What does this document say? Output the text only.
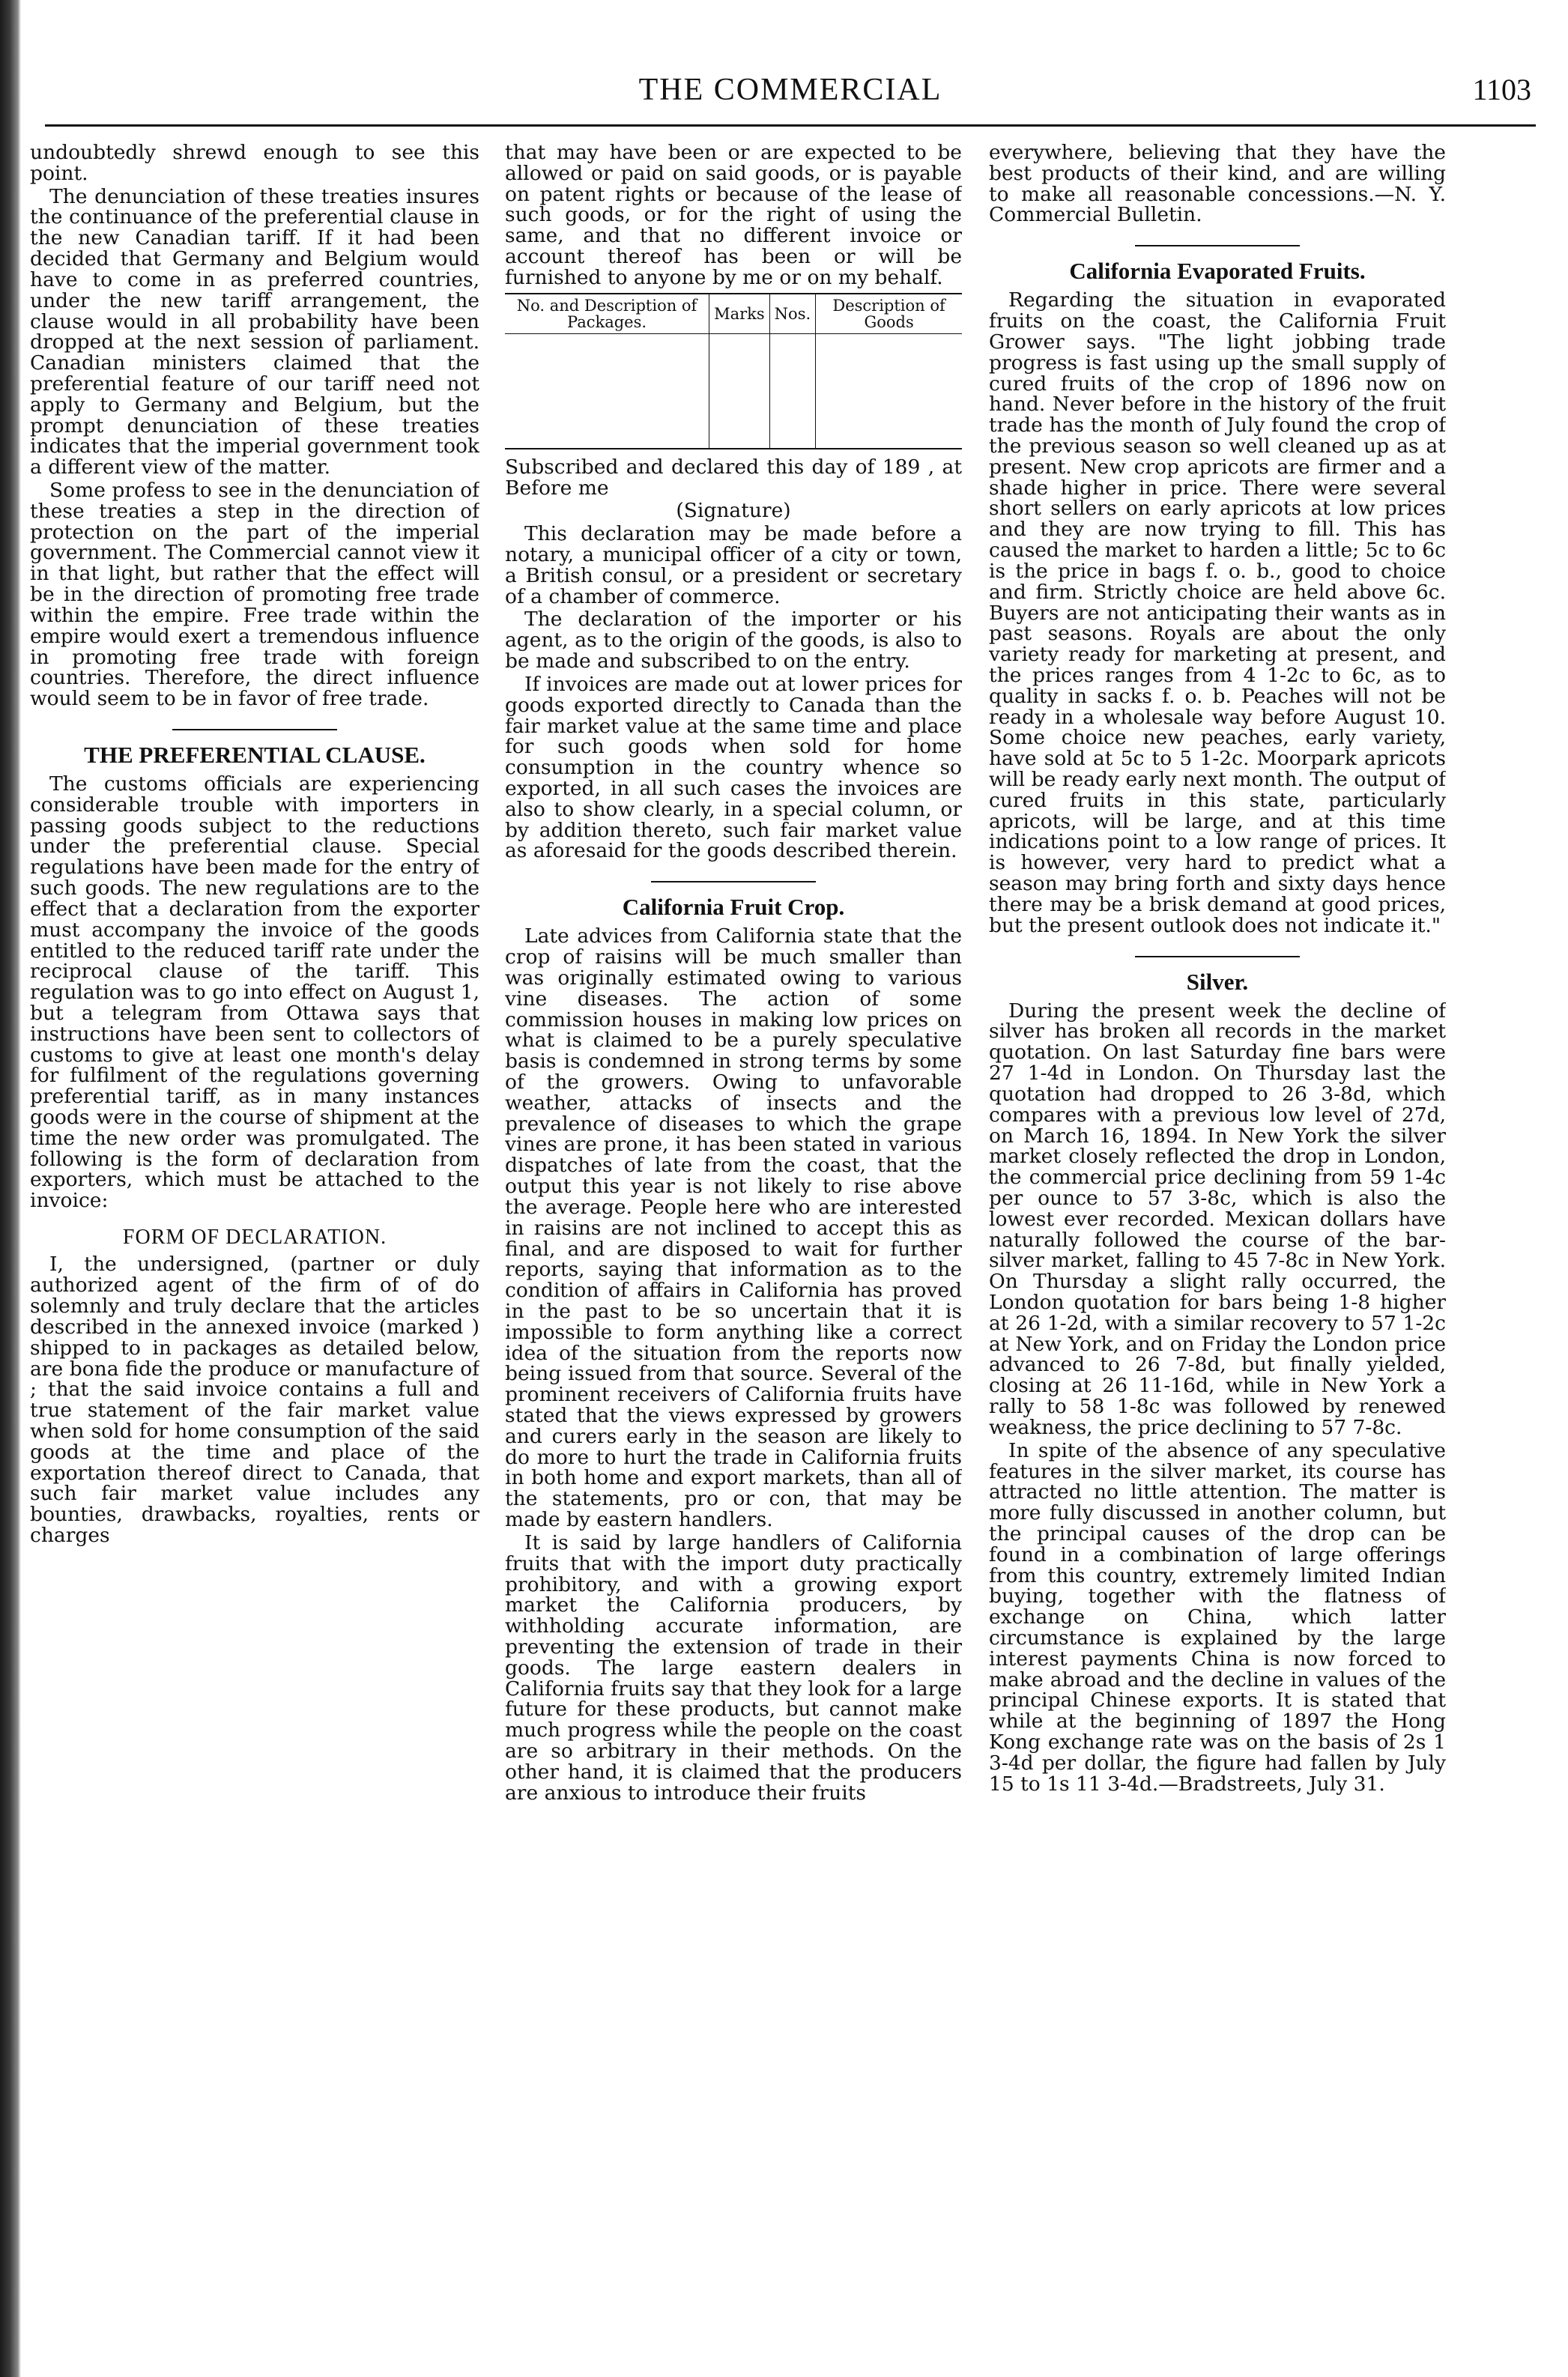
THE COMMERCIAL	1103

undoubtedly shrewd enough to see this point.

The denunciation of these treaties insures the continuance of the preferential clause in the new Canadian tariff. If it had been decided that Germany and Belgium would have to come in as preferred countries, under the new tariff arrangement, the clause would in all probability have been dropped at the next session of parliament. Canadian ministers claimed that the preferential feature of our tariff need not apply to Germany and Belgium, but the prompt denunciation of these treaties indicates that the imperial government took a different view of the matter.

Some profess to see in the denunciation of these treaties a step in the direction of protection on the part of the imperial government. The Commercial cannot view it in that light, but rather that the effect will be in the direction of promoting free trade within the empire. Free trade within the empire would exert a tremendous influence in promoting free trade with foreign countries. Therefore, the direct influence would seem to be in favor of free trade.

THE PREFERENTIAL CLAUSE.

The customs officials are experiencing considerable trouble with importers in passing goods subject to the reductions under the preferential clause. Special regulations have been made for the entry of such goods. The new regulations are to the effect that a declaration from the exporter must accompany the invoice of the goods entitled to the reduced tariff rate under the reciprocal clause of the tariff. This regulation was to go into effect on August 1, but a telegram from Ottawa says that instructions have been sent to collectors of customs to give at least one month's delay for fulfilment of the regulations governing preferential tariff, as in many instances goods were in the course of shipment at the time the new order was promulgated. The following is the form of declaration from exporters, which must be attached to the invoice:

FORM OF DECLARATION.

I, the undersigned, (partner or duly authorized agent of the firm of of do solemnly and truly declare that the articles described in the annexed invoice (marked ) shipped to in packages as detailed below, are bona fide the produce or manufacture of ; that the said invoice contains a full and true statement of the fair market value when sold for home consumption of the said goods at the time and place of the exportation thereof direct to Canada, that such fair market value includes any bounties, drawbacks, royalties, rents or charges

that may have been or are expected to be allowed or paid on said goods, or is payable on patent rights or because of the lease of such goods, or for the right of using the same, and that no different invoice or account thereof has been or will be furnished to anyone by me or on my behalf.

No. and Description of Packages.	Marks	Nos.	Description of Goods

Subscribed and declared this day of 189 , at Before me

(Signature)

This declaration may be made before a notary, a municipal officer of a city or town, a British consul, or a president or secretary of a chamber of commerce.

The declaration of the importer or his agent, as to the origin of the goods, is also to be made and subscribed to on the entry.

If invoices are made out at lower prices for goods exported directly to Canada than the fair market value at the same time and place for such goods when sold for home consumption in the country whence so exported, in all such cases the invoices are also to show clearly, in a special column, or by addition thereto, such fair market value as aforesaid for the goods described therein.

California Fruit Crop.

Late advices from California state that the crop of raisins will be much smaller than was originally estimated owing to various vine diseases. The action of some commission houses in making low prices on what is claimed to be a purely speculative basis is condemned in strong terms by some of the growers. Owing to unfavorable weather, attacks of insects and the prevalence of diseases to which the grape vines are prone, it has been stated in various dispatches of late from the coast, that the output this year is not likely to rise above the average. People here who are interested in raisins are not inclined to accept this as final, and are disposed to wait for further reports, saying that information as to the condition of affairs in California has proved in the past to be so uncertain that it is impossible to form anything like a correct idea of the situation from the reports now being issued from that source. Several of the prominent receivers of California fruits have stated that the views expressed by growers and curers early in the season are likely to do more to hurt the trade in California fruits in both home and export markets, than all of the statements, pro or con, that may be made by eastern handlers.

It is said by large handlers of California fruits that with the import duty practically prohibitory, and with a growing export market the California producers, by withholding accurate information, are preventing the extension of trade in their goods. The large eastern dealers in California fruits say that they look for a large future for these products, but cannot make much progress while the people on the coast are so arbitrary in their methods. On the other hand, it is claimed that the producers are anxious to introduce their fruits

everywhere, believing that they have the best products of their kind, and are willing to make all reasonable concessions.—N. Y. Commercial Bulletin.

California Evaporated Fruits.

Regarding the situation in evaporated fruits on the coast, the California Fruit Grower says. "The light jobbing trade progress is fast using up the small supply of cured fruits of the crop of 1896 now on hand. Never before in the history of the fruit trade has the month of July found the crop of the previous season so well cleaned up as at present. New crop apricots are firmer and a shade higher in price. There were several short sellers on early apricots at low prices and they are now trying to fill. This has caused the market to harden a little; 5c to 6c is the price in bags f. o. b., good to choice and firm. Strictly choice are held above 6c. Buyers are not anticipating their wants as in past seasons. Royals are about the only variety ready for marketing at present, and the prices ranges from 4 1-2c to 6c, as to quality in sacks f. o. b. Peaches will not be ready in a wholesale way before August 10. Some choice new peaches, early variety, have sold at 5c to 5 1-2c. Moorpark apricots will be ready early next month. The output of cured fruits in this state, particularly apricots, will be large, and at this time indications point to a low range of prices. It is however, very hard to predict what a season may bring forth and sixty days hence there may be a brisk demand at good prices, but the present outlook does not indicate it."

Silver.

During the present week the decline of silver has broken all records in the market quotation. On last Saturday fine bars were 27 1-4d in London. On Thursday last the quotation had dropped to 26 3-8d, which compares with a previous low level of 27d, on March 16, 1894. In New York the silver market closely reflected the drop in London, the commercial price declining from 59 1-4c per ounce to 57 3-8c, which is also the lowest ever recorded. Mexican dollars have naturally followed the course of the bar-silver market, falling to 45 7-8c in New York. On Thursday a slight rally occurred, the London quotation for bars being 1-8 higher at 26 1-2d, with a similar recovery to 57 1-2c at New York, and on Friday the London price advanced to 26 7-8d, but finally yielded, closing at 26 11-16d, while in New York a rally to 58 1-8c was followed by renewed weakness, the price declining to 57 7-8c.

In spite of the absence of any speculative features in the silver market, its course has attracted no little attention. The matter is more fully discussed in another column, but the principal causes of the drop can be found in a combination of large offerings from this country, extremely limited Indian buying, together with the flatness of exchange on China, which latter circumstance is explained by the large interest payments China is now forced to make abroad and the decline in values of the principal Chinese exports. It is stated that while at the beginning of 1897 the Hong Kong exchange rate was on the basis of 2s 1 3-4d per dollar, the figure had fallen by July 15 to 1s 11 3-4d.—Bradstreets, July 31.
